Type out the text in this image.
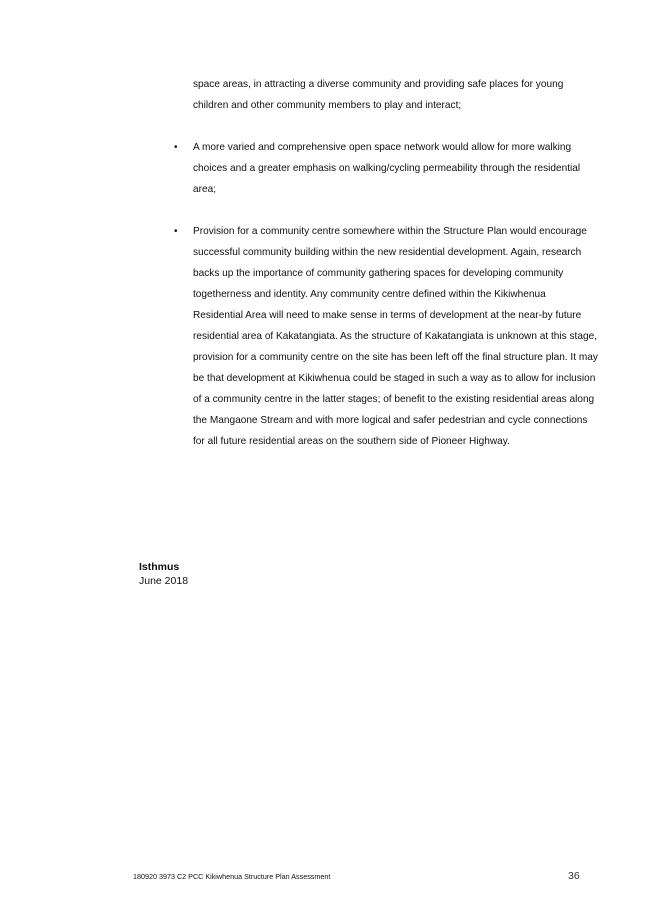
space areas, in attracting a diverse community and providing safe places for young children and other community members to play and interact;

• A more varied and comprehensive open space network would allow for more walking choices and a greater emphasis on walking/cycling permeability through the residential area;
• Provision for a community centre somewhere within the Structure Plan would encourage successful community building within the new residential development. Again, research backs up the importance of community gathering spaces for developing community togetherness and identity. Any community centre defined within the Kikiwhenua Residential Area will need to make sense in terms of development at the near-by future residential area of Kakatangiata. As the structure of Kakatangiata is unknown at this stage, provision for a community centre on the site has been left off the final structure plan. It may be that development at Kikiwhenua could be staged in such a way as to allow for inclusion of a community centre in the latter stages; of benefit to the existing residential areas along the Mangaone Stream and with more logical and safer pedestrian and cycle connections for all future residential areas on the southern side of Pioneer Highway.
Isthmus
June 2018
180920 3973 C2 PCC Kikiwhenua Structure Plan Assessment	36
